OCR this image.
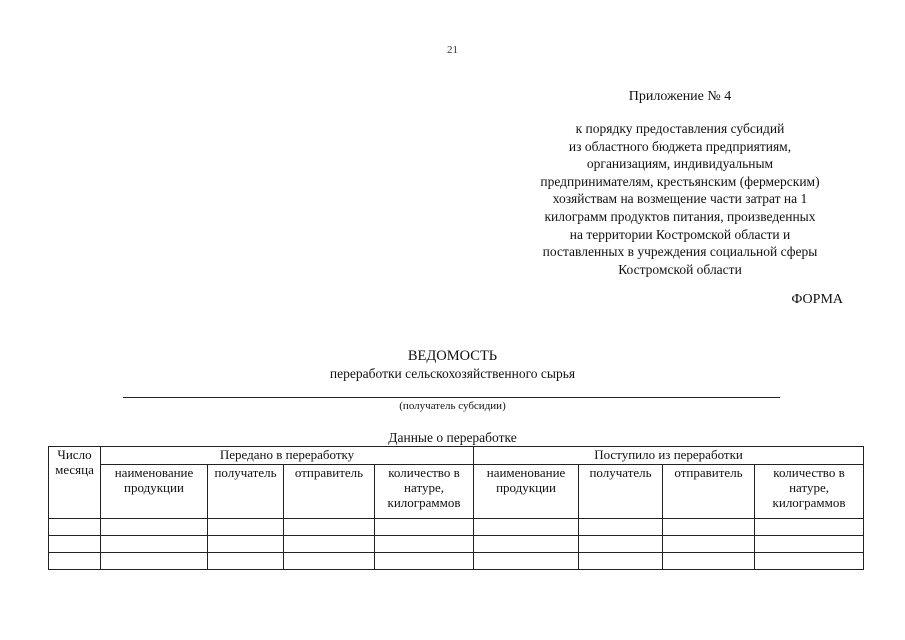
21
Приложение № 4
к порядку предоставления субсидий
из областного бюджета предприятиям,
организациям, индивидуальным
предпринимателям, крестьянским (фермерским)
хозяйствам на возмещение части затрат на 1
килограмм продуктов питания, произведенных
на территории Костромской области и
поставленных в учреждения социальной сферы
Костромской области
ФОРМА
ВЕДОМОСТЬ
переработки сельскохозяйственного сырья
(получатель субсидии)
Данные о переработке
Число месяца	Передано в переработку				Поступило из переработки			
	наименование продукции	получатель	отправитель	количество в натуре, килограммов	наименование продукции	получатель	отправитель	количество в натуре, килограммов
